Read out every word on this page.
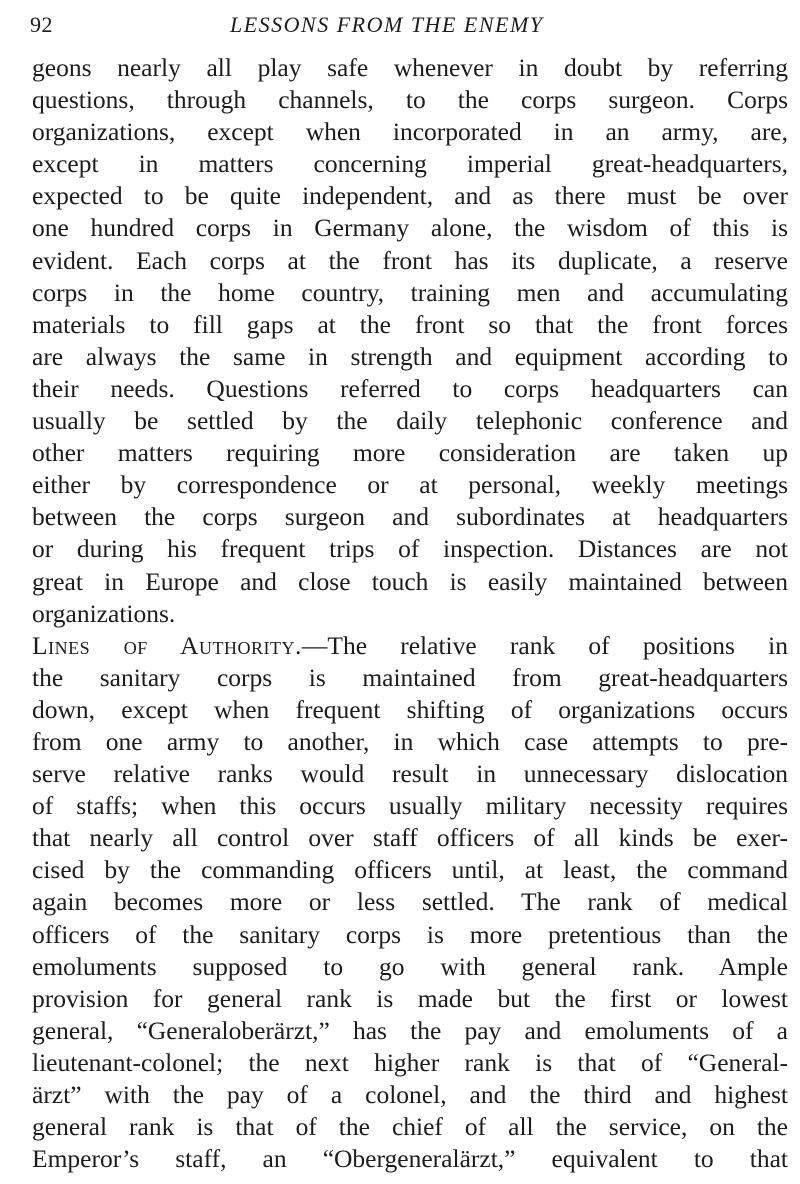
92	LESSONS FROM THE ENEMY
geons nearly all play safe whenever in doubt by referring
questions, through channels, to the corps surgeon. Corps
organizations, except when incorporated in an army, are,
except in matters concerning imperial great-headquarters,
expected to be quite independent, and as there must be over
one hundred corps in Germany alone, the wisdom of this is
evident. Each corps at the front has its duplicate, a reserve
corps in the home country, training men and accumulating
materials to fill gaps at the front so that the front forces
are always the same in strength and equipment according to
their needs. Questions referred to corps headquarters can
usually be settled by the daily telephonic conference and
other matters requiring more consideration are taken up
either by correspondence or at personal, weekly meetings
between the corps surgeon and subordinates at headquarters
or during his frequent trips of inspection. Distances are not
great in Europe and close touch is easily maintained between
organizations.
Lines of Authority.—The relative rank of positions in
the sanitary corps is maintained from great-headquarters
down, except when frequent shifting of organizations occurs
from one army to another, in which case attempts to pre-
serve relative ranks would result in unnecessary dislocation
of staffs; when this occurs usually military necessity requires
that nearly all control over staff officers of all kinds be exer-
cised by the commanding officers until, at least, the command
again becomes more or less settled. The rank of medical
officers of the sanitary corps is more pretentious than the
emoluments supposed to go with general rank. Ample
provision for general rank is made but the first or lowest
general, “Generaloberärzt,” has the pay and emoluments of a
lieutenant-colonel; the next higher rank is that of “General-
ärzt” with the pay of a colonel, and the third and highest
general rank is that of the chief of all the service, on the
Emperor’s staff, an “Obergeneralärzt,” equivalent to that
